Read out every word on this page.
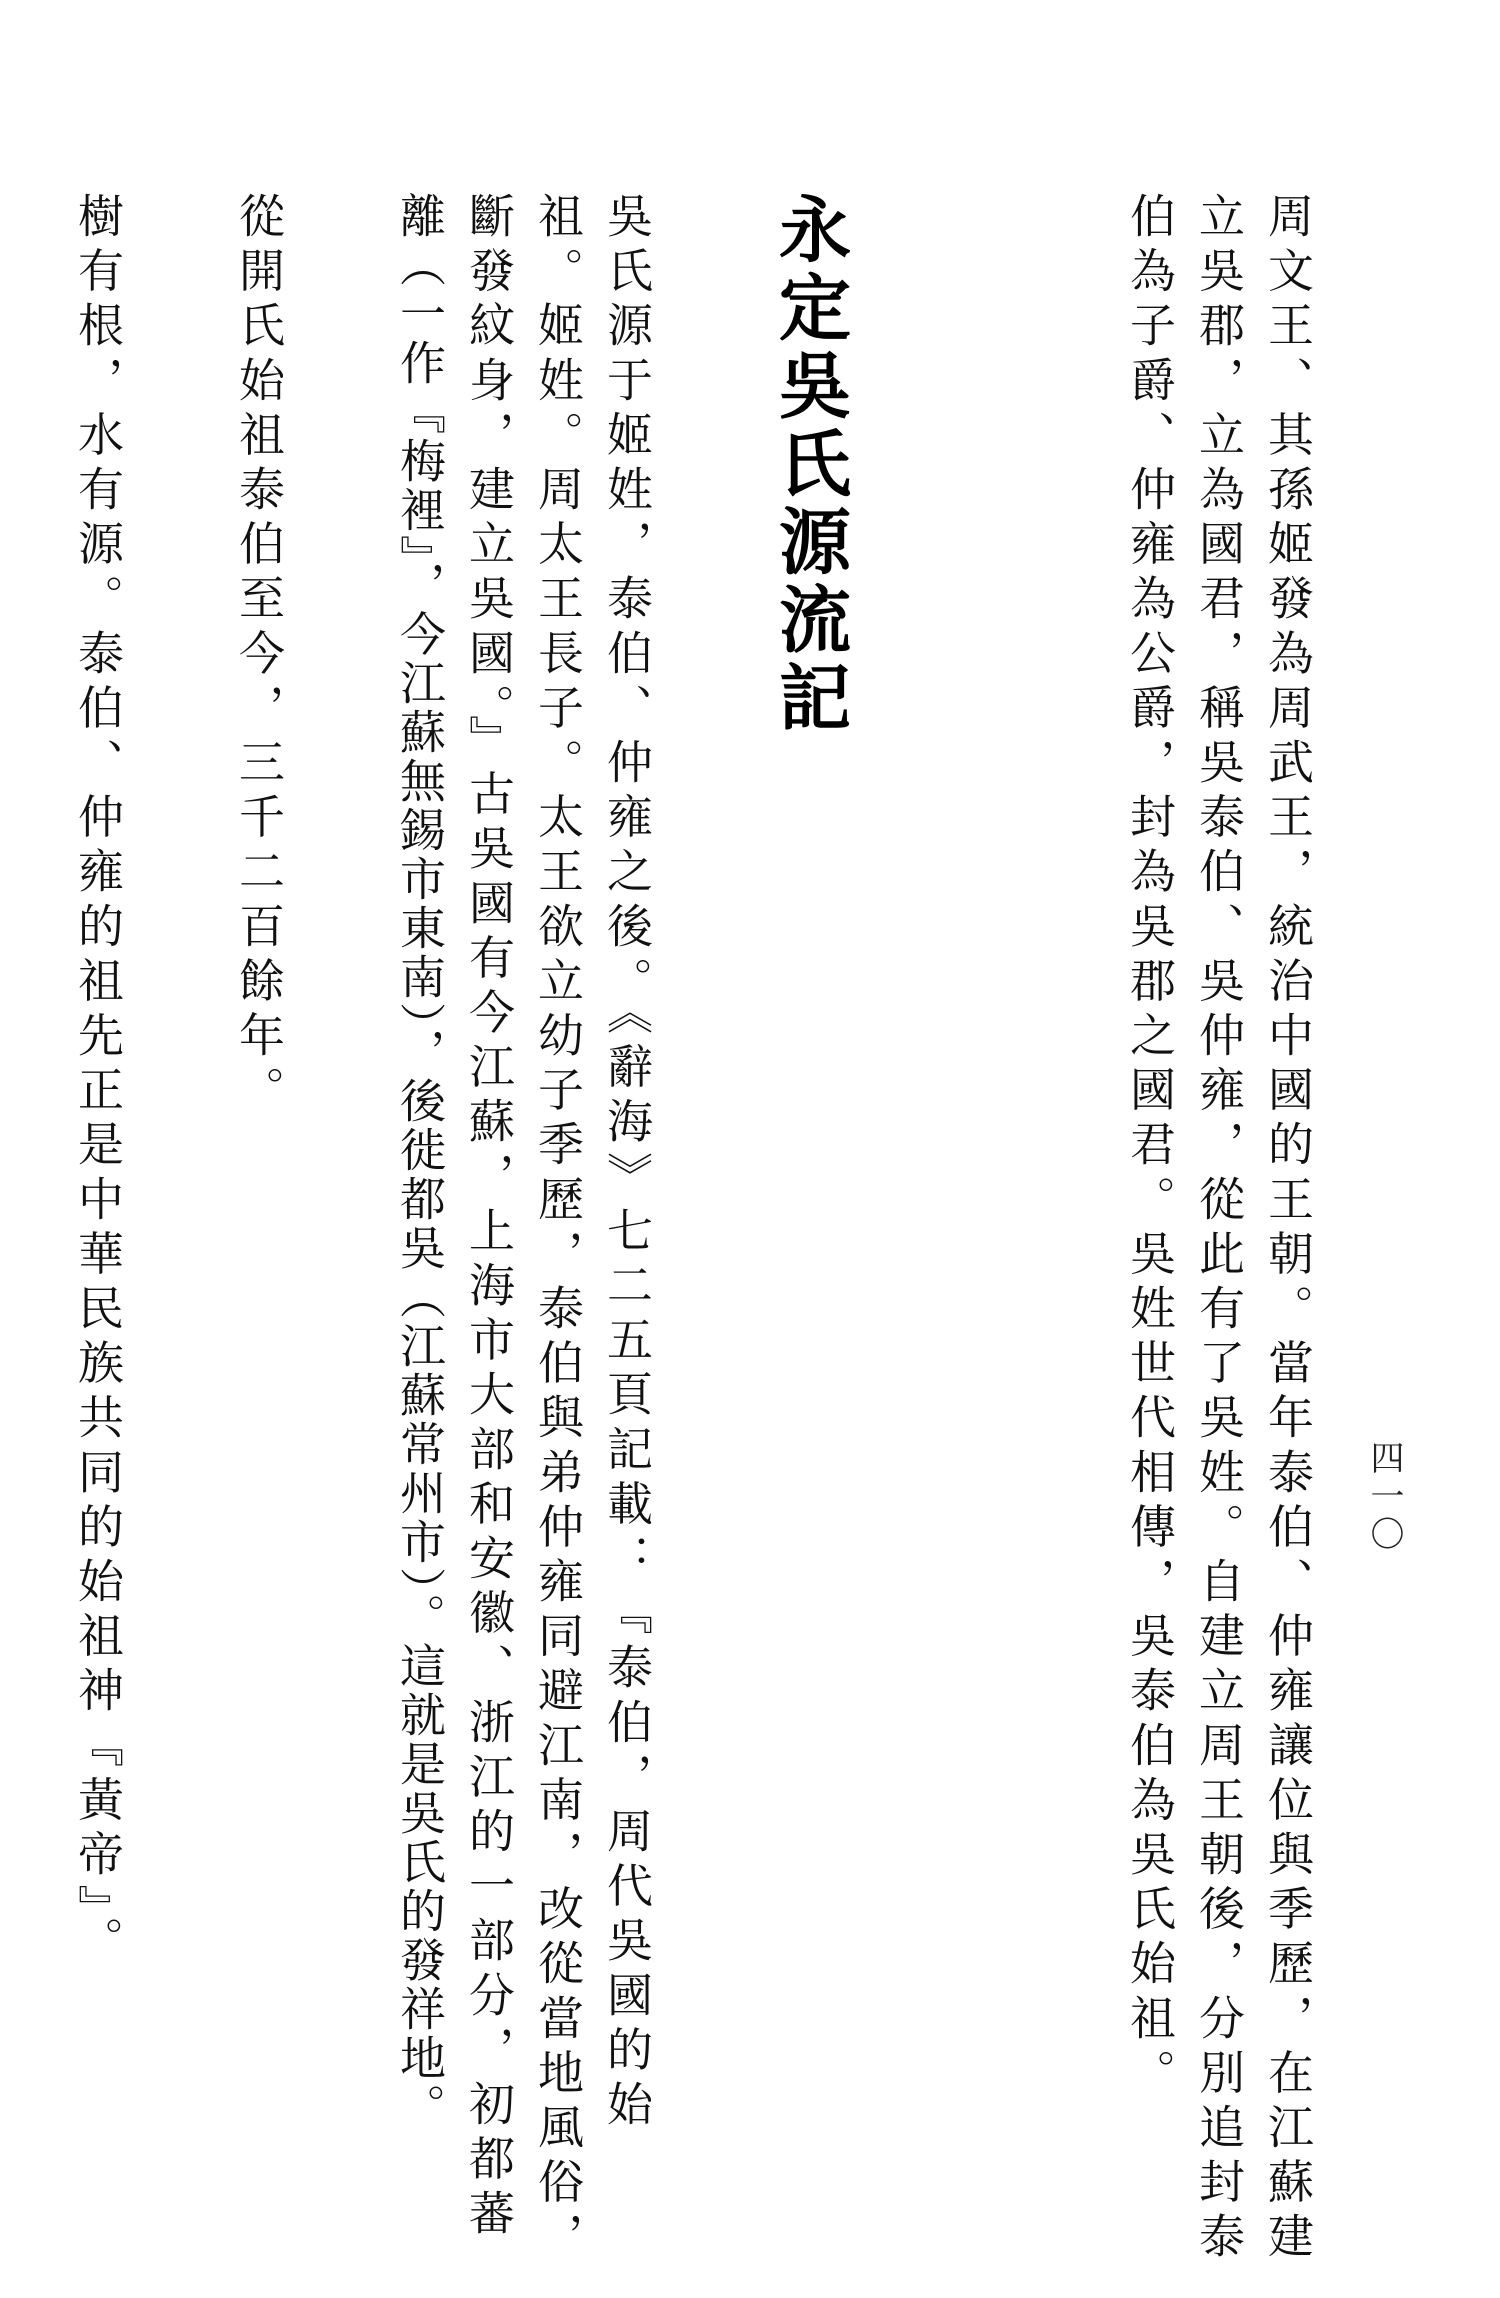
四一〇
周文王、其孫姬發為周武王，統治中國的王朝。當年泰伯、仲雍讓位與季歷，在江蘇建
立吳郡，立為國君，稱吳泰伯、吳仲雍，從此有了吳姓。自建立周王朝後，分別追封泰
伯為子爵、仲雍為公爵，封為吳郡之國君。吳姓世代相傳，吳泰伯為吳氏始祖。
永定吳氏源流記
吳氏源于姬姓，泰伯、仲雍之後。《辭海》七二五頁記載：『泰伯，周代吳國的始
祖。姬姓。周太王長子。太王欲立幼子季歷，泰伯與弟仲雍同避江南，改從當地風俗，
斷發紋身，建立吳國。』古吳國有今江蘇，上海市大部和安徽、浙江的一部分，初都蕃
離（一作『梅裡』，今江蘇無錫市東南），後徙都吳（江蘇常州市）。這就是吳氏的發祥地。
從開氏始祖泰伯至今，三千二百餘年。
樹有根，水有源。泰伯、仲雍的祖先正是中華民族共同的始祖神『黃帝』。
